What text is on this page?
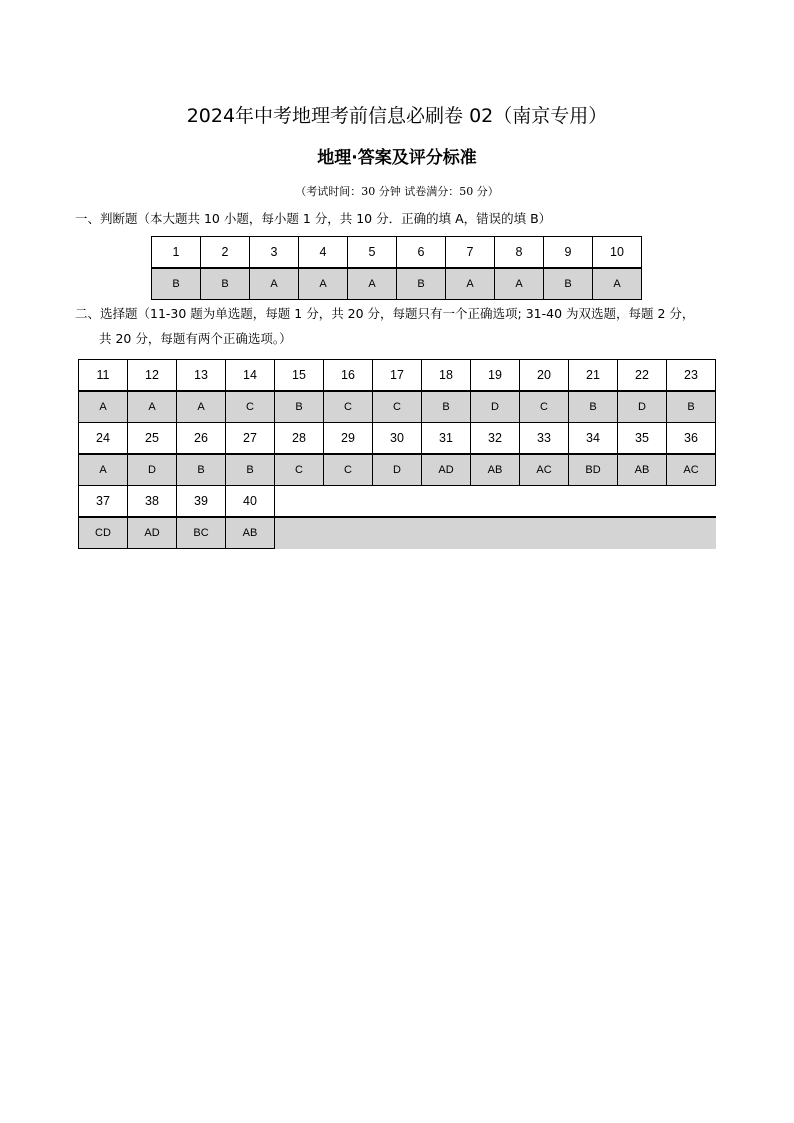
2024年中考地理考前信息必刷卷 02（南京专用）
地理·答案及评分标准
（考试时间：30 分钟 试卷满分：50 分）
一、判断题（本大题共 10 小题，每小题 1 分，共 10 分．正确的填 A，错误的填 B）
1	2	3	4	5	6	7	8	9	10
B	B	A	A	A	B	A	A	B	A
二、选择题（11-30 题为单选题，每题 1 分，共 20 分，每题只有一个正确选项; 31-40 为双选题，每题 2 分，
共 20 分，每题有两个正确选项。）
11	12	13	14	15	16	17	18	19	20	21	22	23
A	A	A	C	B	C	C	B	D	C	B	D	B
24	25	26	27	28	29	30	31	32	33	34	35	36
A	D	B	B	C	C	D	AD	AB	AC	BD	AB	AC
37	38	39	40									
CD	AD	BC	AB									
